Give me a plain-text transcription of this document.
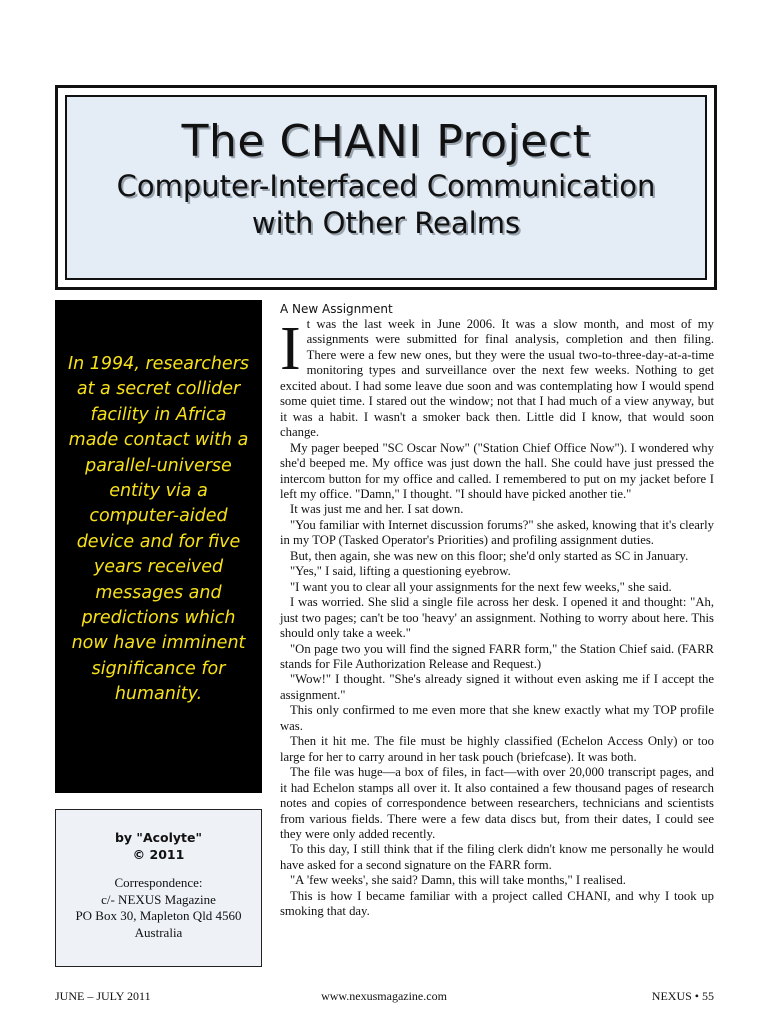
The CHANI Project
Computer-Interfaced Communication
with Other Realms

In 1994, researchers at a secret collider facility in Africa made contact with a parallel-universe entity via a computer-aided device and for five years received messages and predictions which now have imminent significance for humanity.

by "Acolyte"
© 2011
Correspondence:
c/- NEXUS Magazine
PO Box 30, Mapleton Qld 4560
Australia
A New Assignment

It was the last week in June 2006. It was a slow month, and most of my assignments were submitted for final analysis, completion and then filing. There were a few new ones, but they were the usual two-to-three-day-at-a-time monitoring types and surveillance over the next few weeks. Nothing to get excited about. I had some leave due soon and was contemplating how I would spend some quiet time. I stared out the window; not that I had much of a view anyway, but it was a habit. I wasn't a smoker back then. Little did I know, that would soon change.

My pager beeped "SC Oscar Now" ("Station Chief Office Now"). I wondered why she'd beeped me. My office was just down the hall. She could have just pressed the intercom button for my office and called. I remembered to put on my jacket before I left my office. "Damn," I thought. "I should have picked another tie."

It was just me and her. I sat down.

"You familiar with Internet discussion forums?" she asked, knowing that it's clearly in my TOP (Tasked Operator's Priorities) and profiling assignment duties.

But, then again, she was new on this floor; she'd only started as SC in January.

"Yes," I said, lifting a questioning eyebrow.

"I want you to clear all your assignments for the next few weeks," she said.

I was worried. She slid a single file across her desk. I opened it and thought: "Ah, just two pages; can't be too 'heavy' an assignment. Nothing to worry about here. This should only take a week."

"On page two you will find the signed FARR form," the Station Chief said. (FARR stands for File Authorization Release and Request.)

"Wow!" I thought. "She's already signed it without even asking me if I accept the assignment."

This only confirmed to me even more that she knew exactly what my TOP profile was.

Then it hit me. The file must be highly classified (Echelon Access Only) or too large for her to carry around in her task pouch (briefcase). It was both.

The file was huge—a box of files, in fact—with over 20,000 transcript pages, and it had Echelon stamps all over it. It also contained a few thousand pages of research notes and copies of correspondence between researchers, technicians and scientists from various fields. There were a few data discs but, from their dates, I could see they were only added recently.

To this day, I still think that if the filing clerk didn't know me personally he would have asked for a second signature on the FARR form.

"A 'few weeks', she said? Damn, this will take months," I realised.

This is how I became familiar with a project called CHANI, and why I took up smoking that day.

JUNE – JULY 2011	www.nexusmagazine.com	NEXUS • 55
